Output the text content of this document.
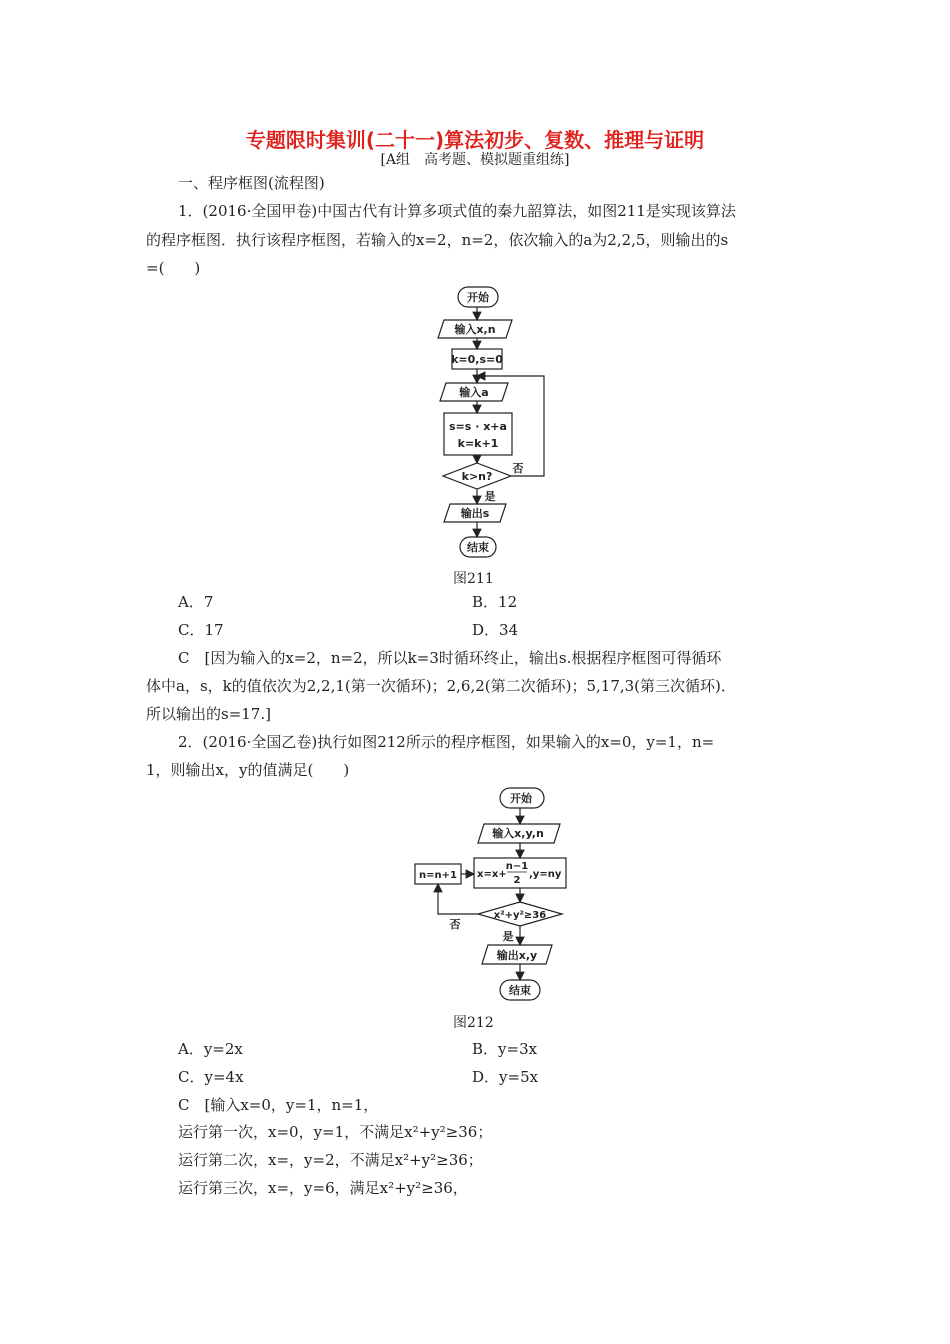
专题限时集训(二十一)算法初步、复数、推理与证明
[A组　高考题、模拟题重组练]
一、程序框图(流程图)
1．(2016·全国甲卷)中国古代有计算多项式值的秦九韶算法，如图211是实现该算法
的程序框图．执行该程序框图，若输入的x=2，n=2，依次输入的a为2,2,5，则输出的s
=(　　)
开始
输入x,n
k=0,s=0
输入a
s=s · x+a
k=k+1
k>n?
否
是
输出s
结束
图211
A．7	B．12
C．17	D．34
C　[因为输入的x=2，n=2，所以k=3时循环终止，输出s.根据程序框图可得循环
体中a，s，k的值依次为2,2,1(第一次循环)；2,6,2(第二次循环)；5,17,3(第三次循环)．
所以输出的s=17.]
2．(2016·全国乙卷)执行如图212所示的程序框图，如果输入的x=0，y=1，n=
1，则输出x，y的值满足(　　)
开始
输入x,y,n
x=x+
n−1
2
,y=ny
n=n+1
x²+y²≥36
否
是
输出x,y
结束
图212
A．y=2x	B．y=3x
C．y=4x	D．y=5x
C　[输入x=0，y=1，n=1，
运行第一次，x=0，y=1，不满足x²+y²≥36；
运行第二次，x=，y=2，不满足x²+y²≥36；
运行第三次，x=，y=6，满足x²+y²≥36，
